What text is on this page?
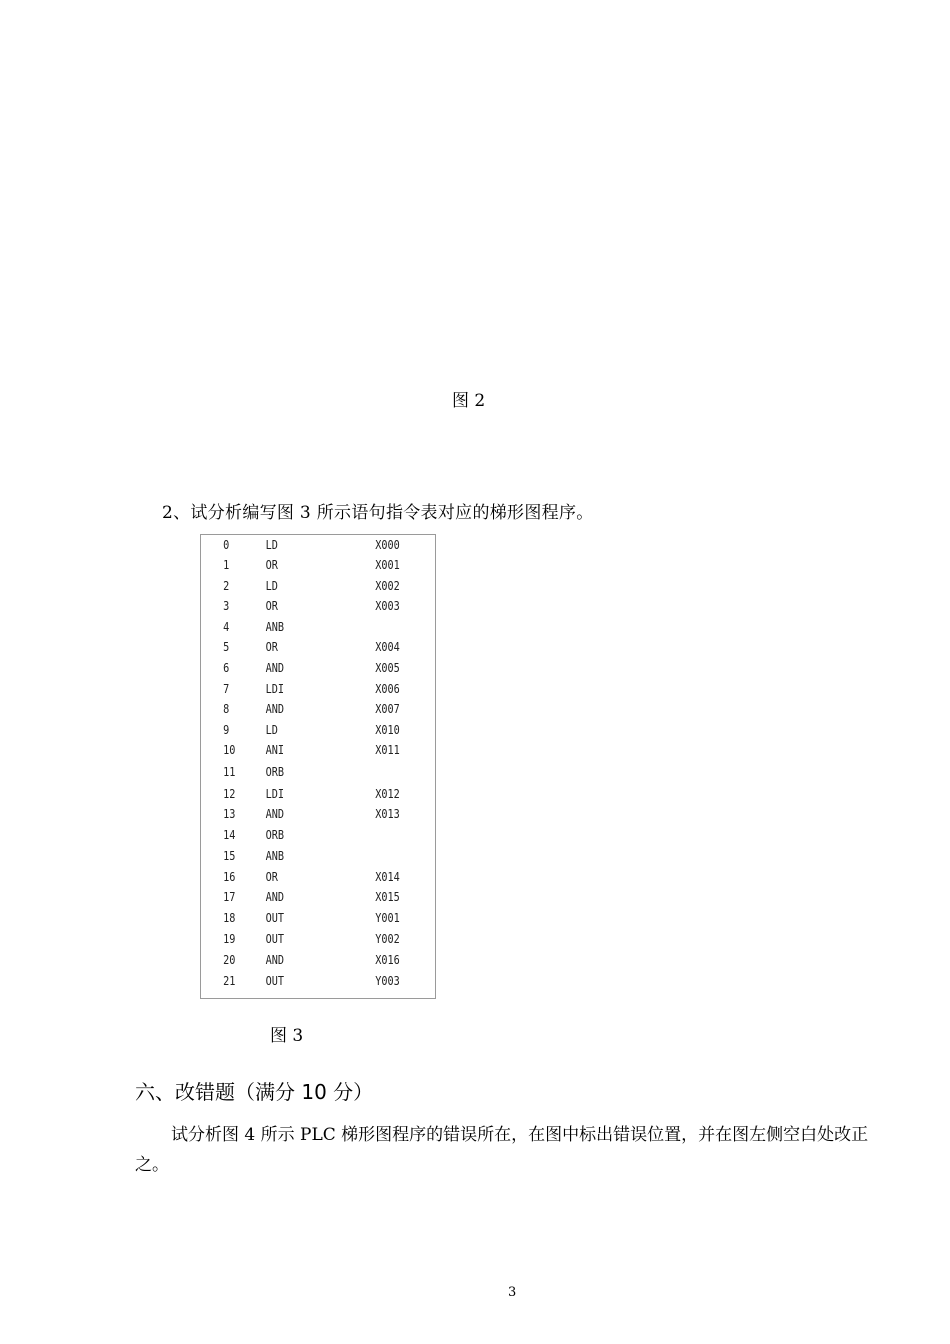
图 2
2、试分析编写图 3 所示语句指令表对应的梯形图程序。
0	LD	X000
1	OR	X001
2	LD	X002
3	OR	X003
4	ANB
5	OR	X004
6	AND	X005
7	LDI	X006
8	AND	X007
9	LD	X010
10	ANI	X011
11	ORB
12	LDI	X012
13	AND	X013
14	ORB
15	ANB
16	OR	X014
17	AND	X015
18	OUT	Y001
19	OUT	Y002
20	AND	X016
21	OUT	Y003
图 3
六、改错题（满分 10 分）
试分析图 4 所示 PLC 梯形图程序的错误所在，在图中标出错误位置，并在图左侧空白处改正之。
3
